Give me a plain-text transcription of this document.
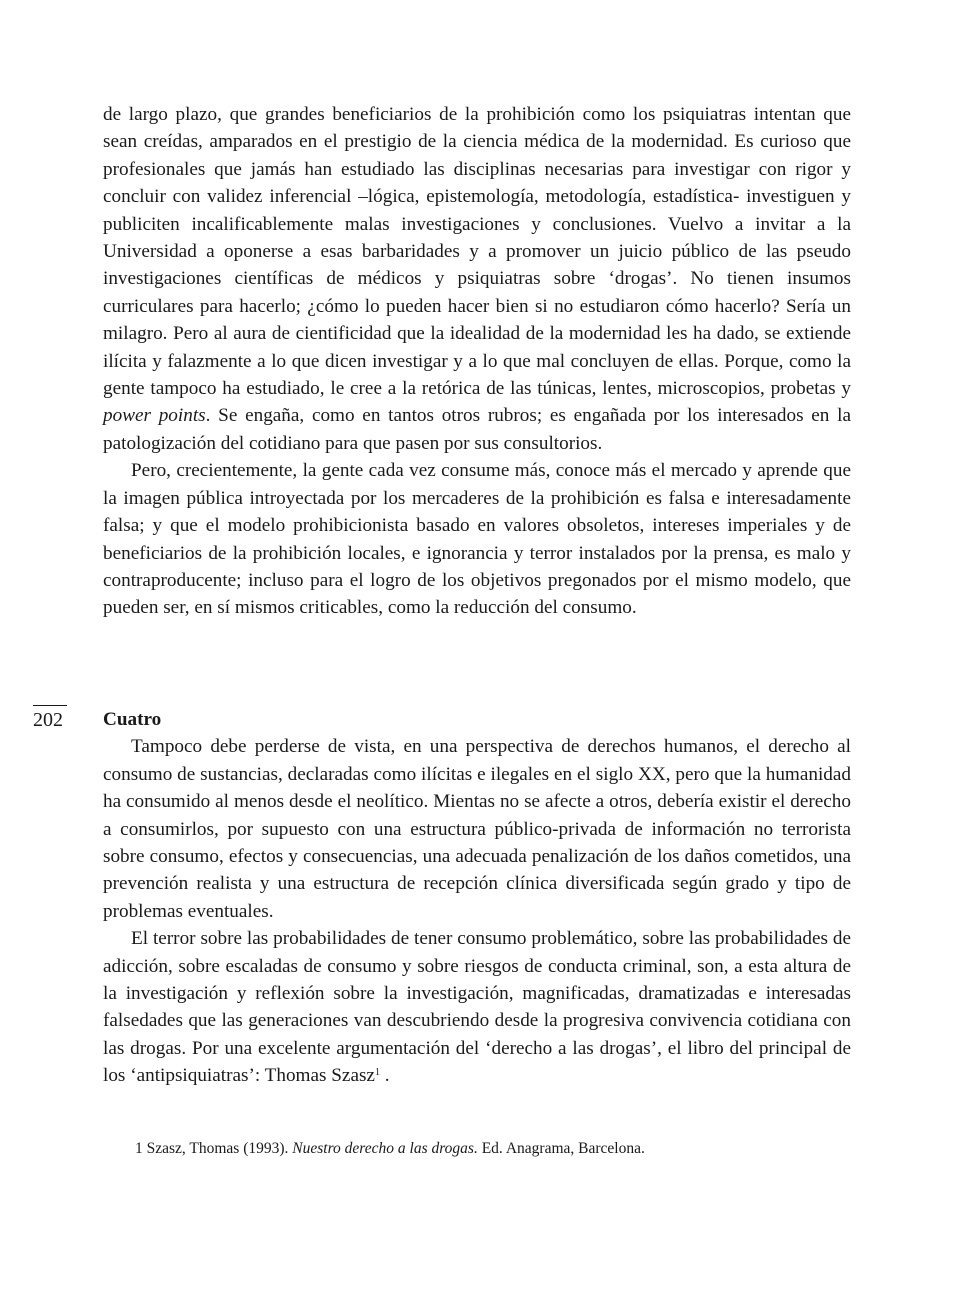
de largo plazo, que grandes beneficiarios de la prohibición como los psiquiatras intentan que sean creídas, amparados en el prestigio de la ciencia médica de la modernidad. Es curioso que profesionales que jamás han estudiado las disciplinas necesarias para investigar con rigor y concluir con validez inferencial –lógica, epistemología, metodología, estadística- investiguen y publiciten incalificablemente malas investigaciones y conclusiones. Vuelvo a invitar a la Universidad a oponerse a esas barbaridades y a promover un juicio público de las pseudo investigaciones científicas de médicos y psiquiatras sobre ‘drogas’. No tienen insumos curriculares para hacerlo; ¿cómo lo pueden hacer bien si no estudiaron cómo hacerlo? Sería un milagro. Pero al aura de cientificidad que la idealidad de la modernidad les ha dado, se extiende ilícita y falazmente a lo que dicen investigar y a lo que mal concluyen de ellas. Porque, como la gente tampoco ha estudiado, le cree a la retórica de las túnicas, lentes, microscopios, probetas y power points. Se engaña, como en tantos otros rubros; es engañada por los interesados en la patologización del cotidiano para que pasen por sus consultorios.

Pero, crecientemente, la gente cada vez consume más, conoce más el mercado y aprende que la imagen pública introyectada por los mercaderes de la prohibición es falsa e interesadamente falsa; y que el modelo prohibicionista basado en valores obsoletos, intereses imperiales y de beneficiarios de la prohibición locales, e ignorancia y terror instalados por la prensa, es malo y contraproducente; incluso para el logro de los objetivos pregonados por el mismo modelo, que pueden ser, en sí mismos criticables, como la reducción del consumo.

202 Cuatro

Tampoco debe perderse de vista, en una perspectiva de derechos humanos, el derecho al consumo de sustancias, declaradas como ilícitas e ilegales en el siglo XX, pero que la humanidad ha consumido al menos desde el neolítico. Mientas no se afecte a otros, debería existir el derecho a consumirlos, por supuesto con una estructura público-privada de información no terrorista sobre consumo, efectos y consecuencias, una adecuada penalización de los daños cometidos, una prevención realista y una estructura de recepción clínica diversificada según grado y tipo de problemas eventuales.

El terror sobre las probabilidades de tener consumo problemático, sobre las probabilidades de adicción, sobre escaladas de consumo y sobre riesgos de conducta criminal, son, a esta altura de la investigación y reflexión sobre la investigación, magnificadas, dramatizadas e interesadas falsedades que las generaciones van descubriendo desde la progresiva convivencia cotidiana con las drogas. Por una excelente argumentación del ‘derecho a las drogas’, el libro del principal de los ‘antipsiquiatras’: Thomas Szasz$^1$ .

1 Szasz, Thomas (1993). Nuestro derecho a las drogas. Ed. Anagrama, Barcelona.
